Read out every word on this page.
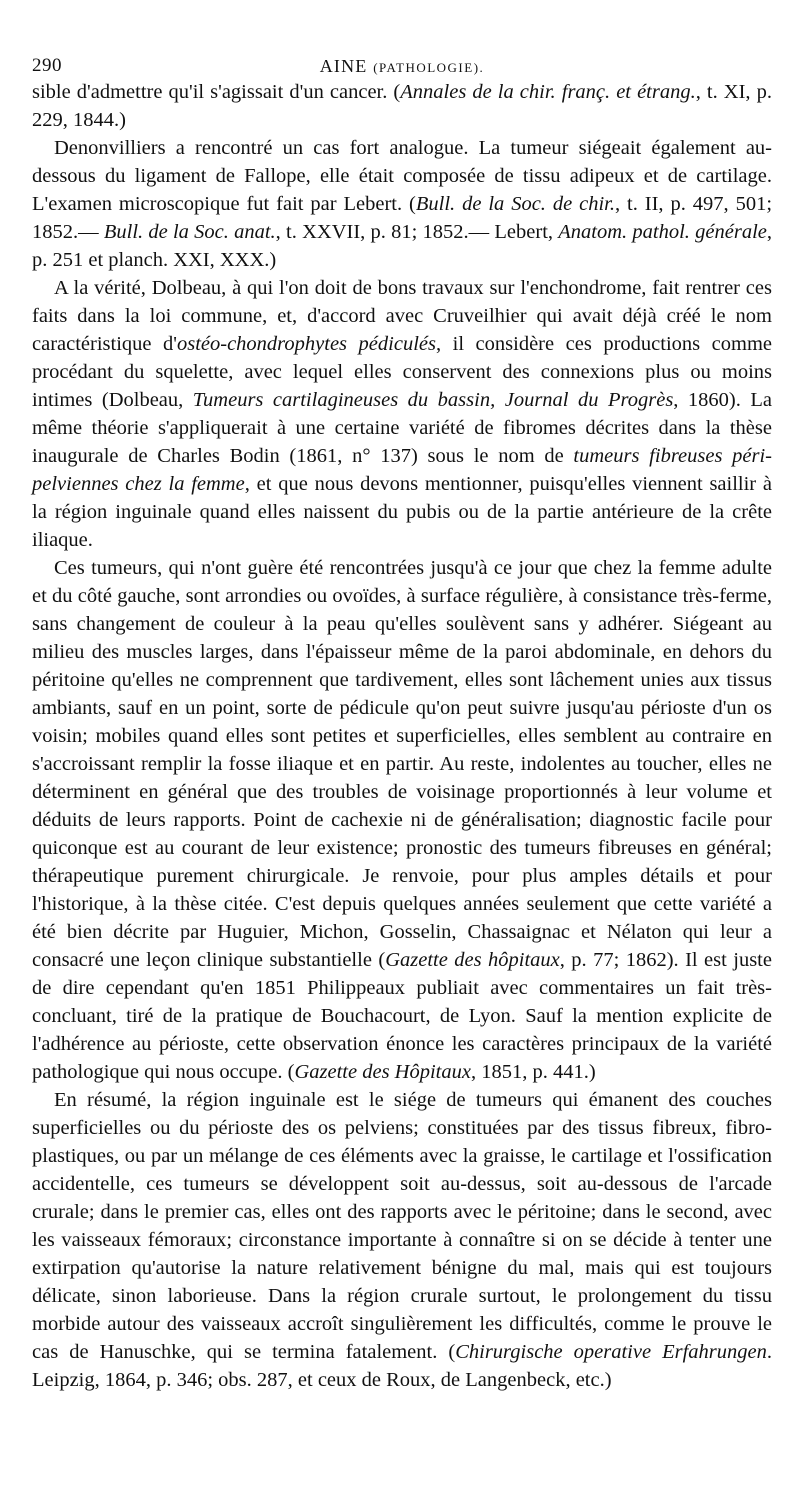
290	AINE (PATHOLOGIE).

sible d'admettre qu'il s'agissait d'un cancer. (Annales de la chir. franç. et étrang., t. XI, p. 229, 1844.)

Denonvilliers a rencontré un cas fort analogue. La tumeur siégeait également au-dessous du ligament de Fallope, elle était composée de tissu adipeux et de cartilage. L'examen microscopique fut fait par Lebert. (Bull. de la Soc. de chir., t. II, p. 497, 501; 1852.— Bull. de la Soc. anat., t. XXVII, p. 81; 1852.— Lebert, Anatom. pathol. générale, p. 251 et planch. XXI, XXX.)

A la vérité, Dolbeau, à qui l'on doit de bons travaux sur l'enchondrome, fait rentrer ces faits dans la loi commune, et, d'accord avec Cruveilhier qui avait déjà créé le nom caractéristique d'ostéo-chondrophytes pédiculés, il considère ces productions comme procédant du squelette, avec lequel elles conservent des connexions plus ou moins intimes (Dolbeau, Tumeurs cartilagineuses du bassin, Journal du Progrès, 1860). La même théorie s'appliquerait à une certaine variété de fibromes décrites dans la thèse inaugurale de Charles Bodin (1861, n° 137) sous le nom de tumeurs fibreuses péri-pelviennes chez la femme, et que nous devons mentionner, puisqu'elles viennent saillir à la région inguinale quand elles naissent du pubis ou de la partie antérieure de la crête iliaque.

Ces tumeurs, qui n'ont guère été rencontrées jusqu'à ce jour que chez la femme adulte et du côté gauche, sont arrondies ou ovoïdes, à surface régulière, à consistance très-ferme, sans changement de couleur à la peau qu'elles soulèvent sans y adhérer. Siégeant au milieu des muscles larges, dans l'épaisseur même de la paroi abdominale, en dehors du péritoine qu'elles ne comprennent que tardivement, elles sont lâchement unies aux tissus ambiants, sauf en un point, sorte de pédicule qu'on peut suivre jusqu'au périoste d'un os voisin; mobiles quand elles sont petites et superficielles, elles semblent au contraire en s'accroissant remplir la fosse iliaque et en partir. Au reste, indolentes au toucher, elles ne déterminent en général que des troubles de voisinage proportionnés à leur volume et déduits de leurs rapports. Point de cachexie ni de généralisation; diagnostic facile pour quiconque est au courant de leur existence; pronostic des tumeurs fibreuses en général; thérapeutique purement chirurgicale. Je renvoie, pour plus amples détails et pour l'historique, à la thèse citée. C'est depuis quelques années seulement que cette variété a été bien décrite par Huguier, Michon, Gosselin, Chassaignac et Nélaton qui leur a consacré une leçon clinique substantielle (Gazette des hôpitaux, p. 77; 1862). Il est juste de dire cependant qu'en 1851 Philippeaux publiait avec commentaires un fait très-concluant, tiré de la pratique de Bouchacourt, de Lyon. Sauf la mention explicite de l'adhérence au périoste, cette observation énonce les caractères principaux de la variété pathologique qui nous occupe. (Gazette des Hôpitaux, 1851, p. 441.)

En résumé, la région inguinale est le siége de tumeurs qui émanent des couches superficielles ou du périoste des os pelviens; constituées par des tissus fibreux, fibro-plastiques, ou par un mélange de ces éléments avec la graisse, le cartilage et l'ossification accidentelle, ces tumeurs se développent soit au-dessus, soit au-dessous de l'arcade crurale; dans le premier cas, elles ont des rapports avec le péritoine; dans le second, avec les vaisseaux fémoraux; circonstance importante à connaître si on se décide à tenter une extirpation qu'autorise la nature relativement bénigne du mal, mais qui est toujours délicate, sinon laborieuse. Dans la région crurale surtout, le prolongement du tissu morbide autour des vaisseaux accroît singulièrement les difficultés, comme le prouve le cas de Hanuschke, qui se termina fatalement. (Chirurgische operative Erfahrungen. Leipzig, 1864, p. 346; obs. 287, et ceux de Roux, de Langenbeck, etc.)
